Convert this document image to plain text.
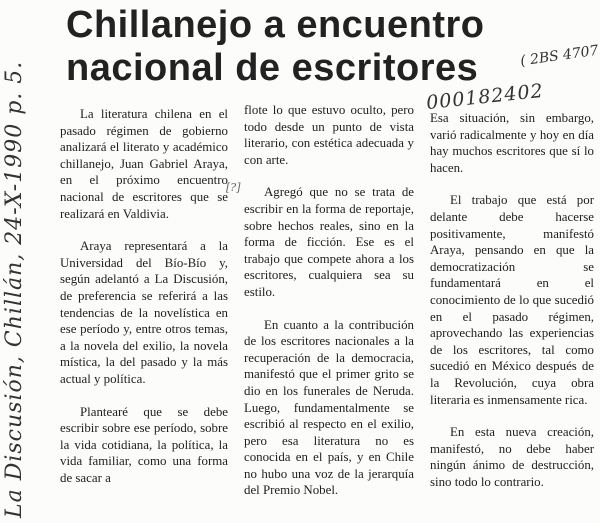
Chillanejo a encuentro
nacional de escritores

La literatura chilena en el pasado régimen de gobierno analizará el literato y académico chillanejo, Juan Gabriel Araya, en el próximo encuentro nacional de escritores que se realizará en Valdivia.

Araya representará a la Universidad del Bío-Bío y, según adelantó a La Discusión, de preferencia se referirá a las tendencias de la novelística en ese período y, entre otros temas, a la novela del exilio, la novela mística, la del pasado y la más actual y política.

Plantearé que se debe escribir sobre ese período, sobre la vida cotidiana, la política, la vida familiar, como una forma de sacar a

flote lo que estuvo oculto, pero todo desde un punto de vista literario, con estética adecuada y con arte.

Agregó que no se trata de escribir en la forma de reportaje, sobre hechos reales, sino en la forma de ficción. Ese es el trabajo que compete ahora a los escritores, cualquiera sea su estilo.

En cuanto a la contribución de los escritores nacionales a la recuperación de la democracia, manifestó que el primer grito se dio en los funerales de Neruda. Luego, fundamentalmente se escribió al respecto en el exilio, pero esa literatura no es conocida en el país, y en Chile no hubo una voz de la jerarquía del Premio Nobel.

Esa situación, sin embargo, varió radicalmente y hoy en día hay muchos escritores que sí lo hacen.

El trabajo que está por delante debe hacerse positivamente, manifestó Araya, pensando en que la democratización se fundamentará en el conocimiento de lo que sucedió en el pasado régimen, aprovechando las experiencias de los escritores, tal como sucedió en México después de la Revolución, cuya obra literaria es inmensamente rica.

En esta nueva creación, manifestó, no debe haber ningún ánimo de destrucción, sino todo lo contrario.

La Discusión, Chillán, 24-X-1990 p. 5.
( 2BS 4707
000182402
[?]
